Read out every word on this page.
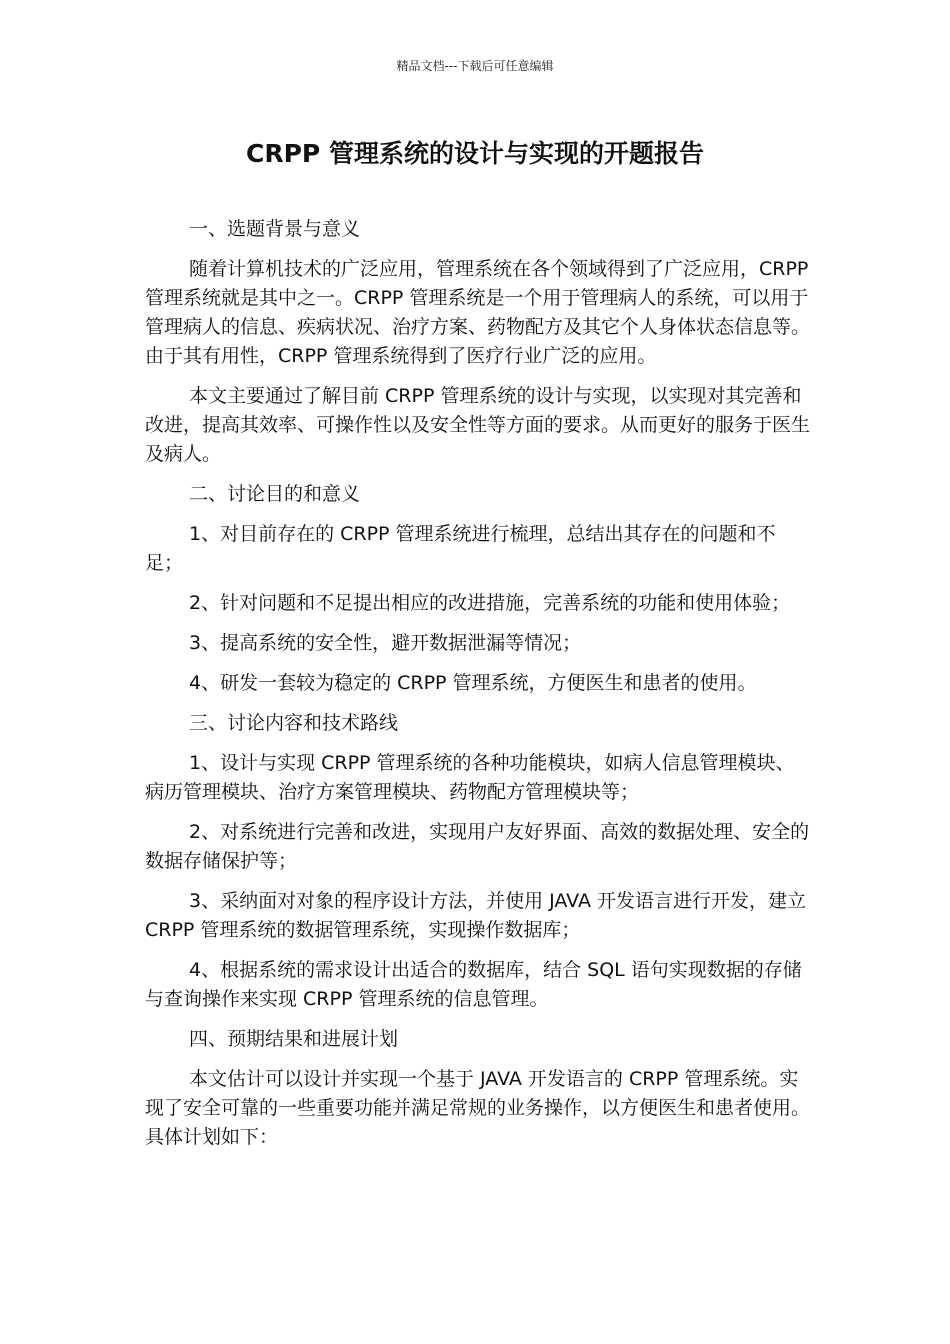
精品文档---下载后可任意编辑
CRPP 管理系统的设计与实现的开题报告

一、选题背景与意义

随着计算机技术的广泛应用，管理系统在各个领域得到了广泛应用，CRPP 管理系统就是其中之一。CRPP 管理系统是一个用于管理病人的系统，可以用于管理病人的信息、疾病状况、治疗方案、药物配方及其它个人身体状态信息等。由于其有用性，CRPP 管理系统得到了医疗行业广泛的应用。

本文主要通过了解目前 CRPP 管理系统的设计与实现，以实现对其完善和改进，提高其效率、可操作性以及安全性等方面的要求。从而更好的服务于医生及病人。

二、讨论目的和意义

1、对目前存在的 CRPP 管理系统进行梳理，总结出其存在的问题和不足；

2、针对问题和不足提出相应的改进措施，完善系统的功能和使用体验；

3、提高系统的安全性，避开数据泄漏等情况；

4、研发一套较为稳定的 CRPP 管理系统，方便医生和患者的使用。

三、讨论内容和技术路线

1、设计与实现 CRPP 管理系统的各种功能模块，如病人信息管理模块、病历管理模块、治疗方案管理模块、药物配方管理模块等；

2、对系统进行完善和改进，实现用户友好界面、高效的数据处理、安全的数据存储保护等；

3、采纳面对对象的程序设计方法，并使用 JAVA 开发语言进行开发，建立 CRPP 管理系统的数据管理系统，实现操作数据库；

4、根据系统的需求设计出适合的数据库，结合 SQL 语句实现数据的存储与查询操作来实现 CRPP 管理系统的信息管理。

四、预期结果和进展计划

本文估计可以设计并实现一个基于 JAVA 开发语言的 CRPP 管理系统。实现了安全可靠的一些重要功能并满足常规的业务操作，以方便医生和患者使用。具体计划如下：
